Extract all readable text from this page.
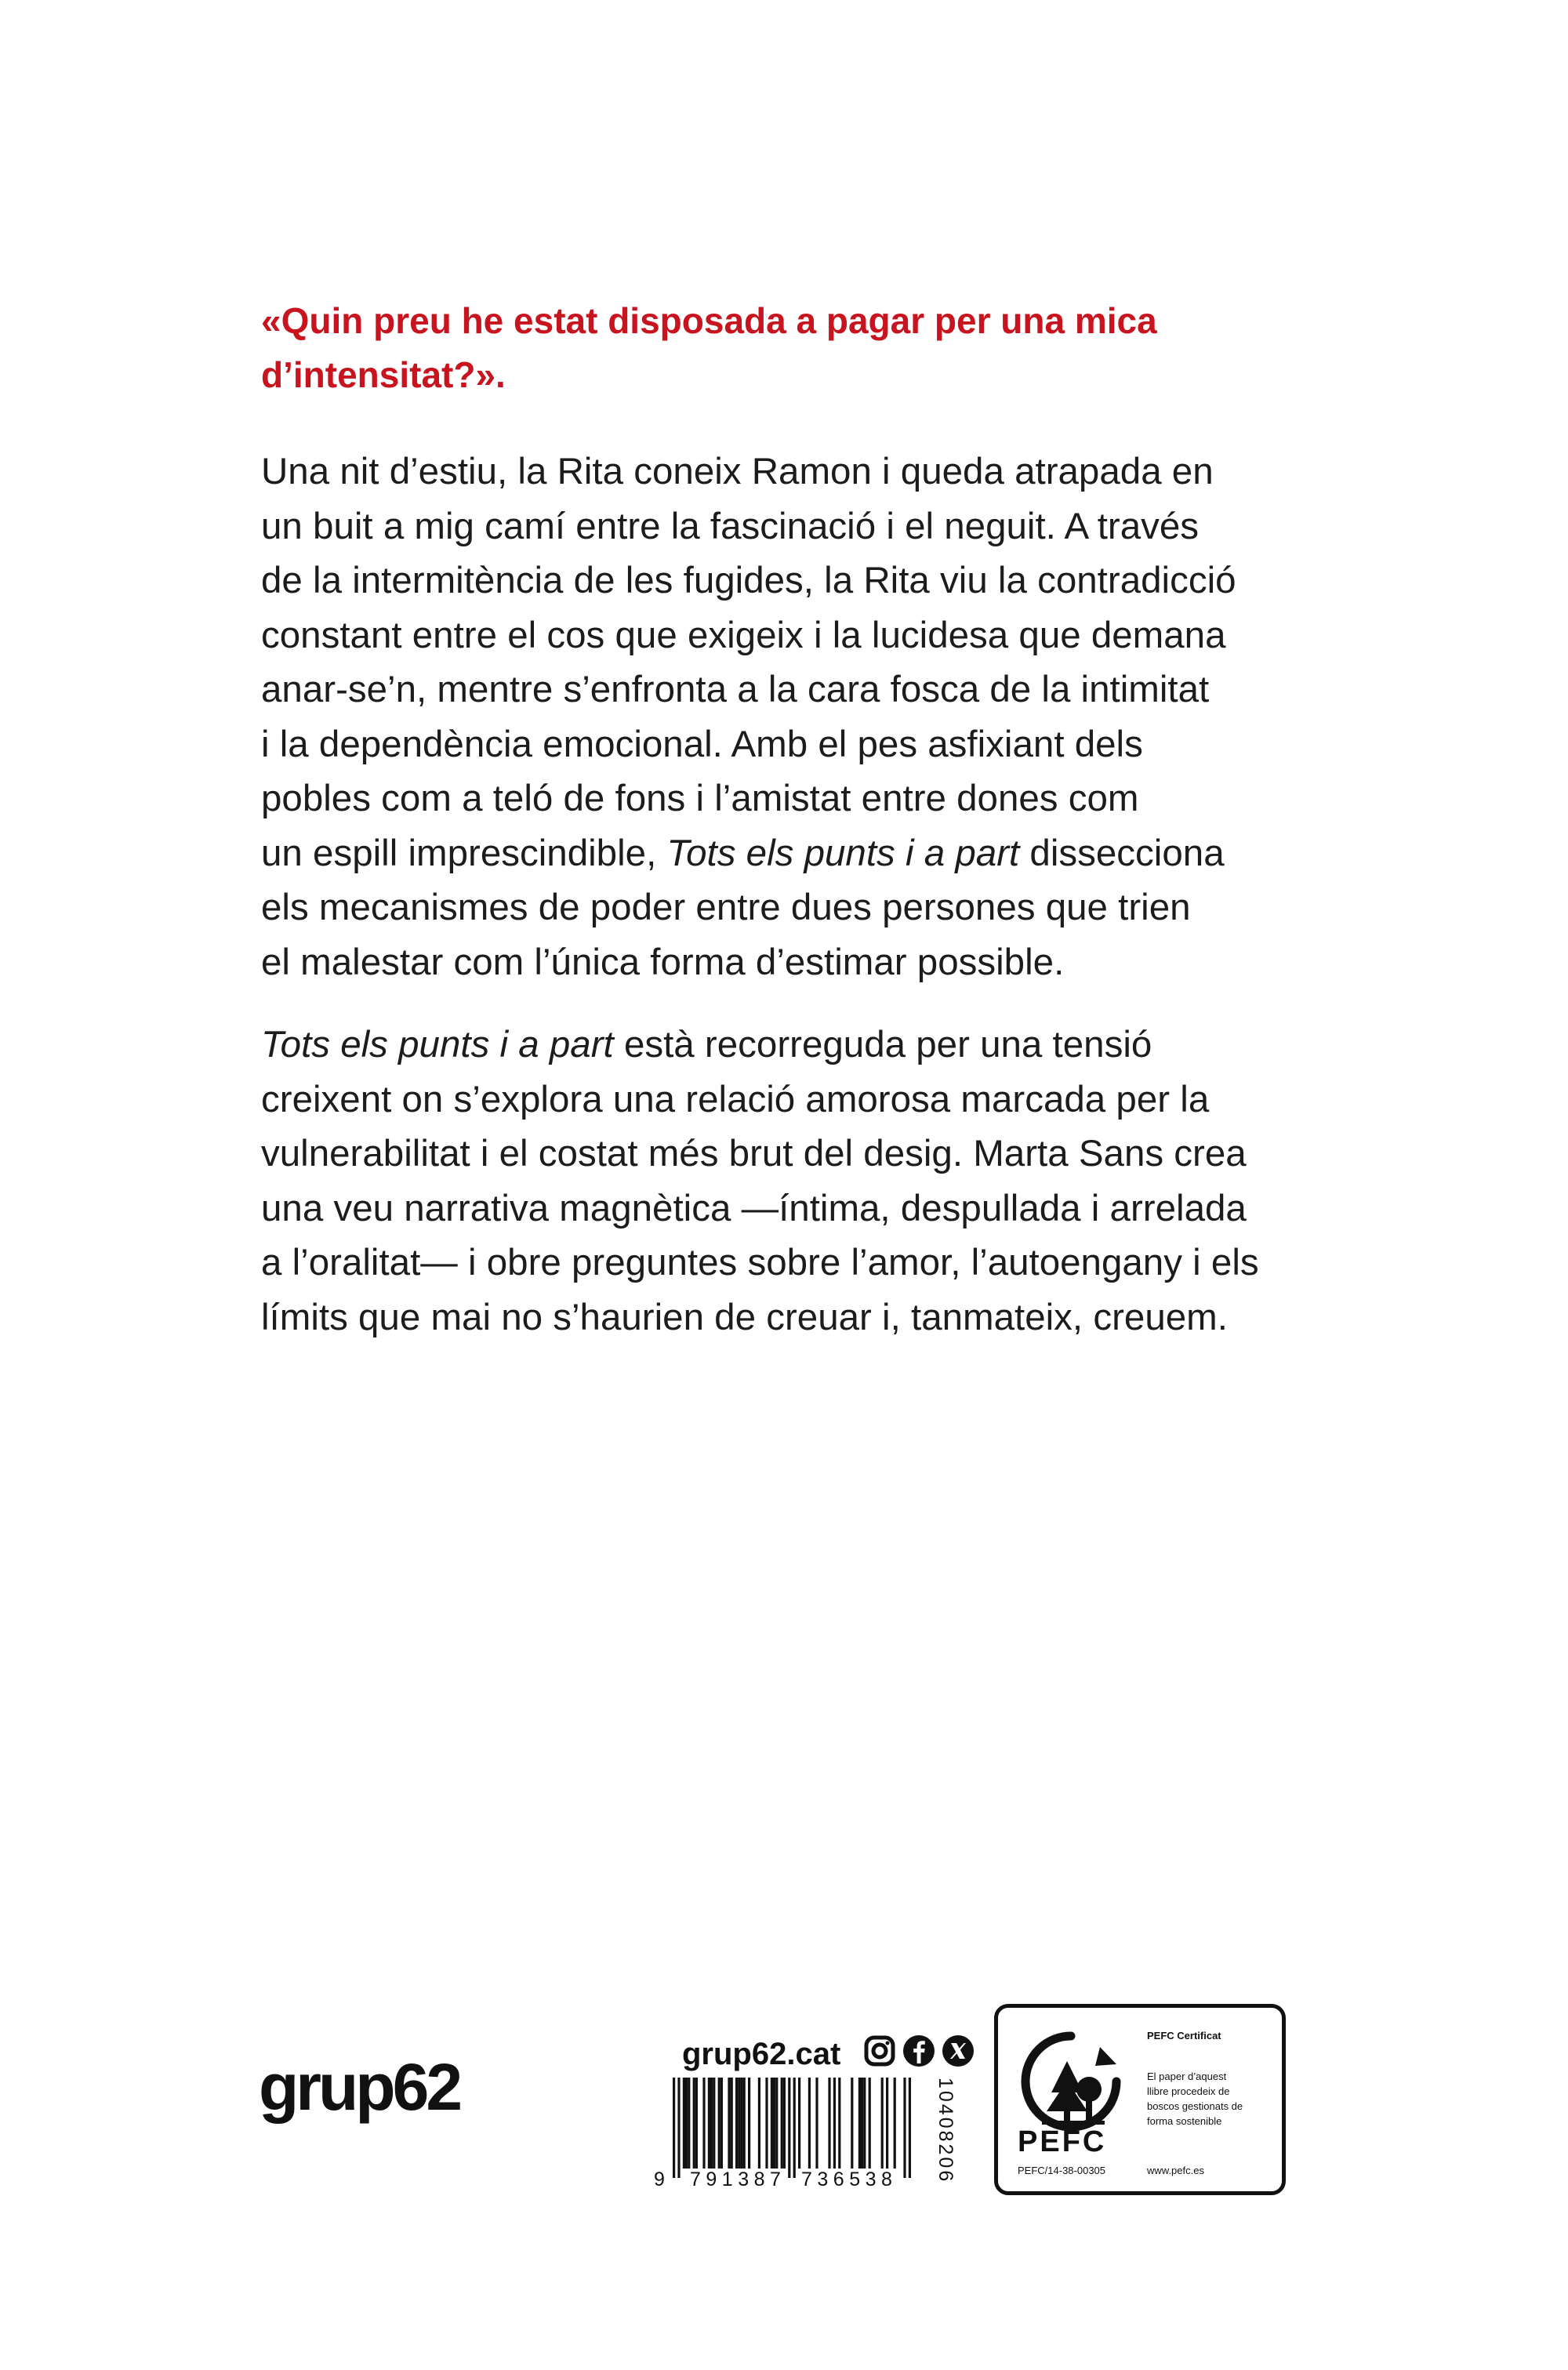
«Quin preu he estat disposada a pagar per una mica
d’intensitat?».

Una nit d’estiu, la Rita coneix Ramon i queda atrapada en
un buit a mig camí entre la fascinació i el neguit. A través
de la intermitència de les fugides, la Rita viu la contradicció
constant entre el cos que exigeix i la lucidesa que demana
anar-se’n, mentre s’enfronta a la cara fosca de la intimitat
i la dependència emocional. Amb el pes asfixiant dels
pobles com a teló de fons i l’amistat entre dones com
un espill imprescindible, Tots els punts i a part dissecciona
els mecanismes de poder entre dues persones que trien
el malestar com l’única forma d’estimar possible.

Tots els punts i a part està recorreguda per una tensió
creixent on s’explora una relació amorosa marcada per la
vulnerabilitat i el costat més brut del desig. Marta Sans crea
una veu narrativa magnètica —íntima, despullada i arrelada
a l’oralitat— i obre preguntes sobre l’amor, l’autoengany i els
límits que mai no s’haurien de creuar i, tanmateix, creuem.

grup62	grup62.cat
9 791387 736538 10408206 PEFC
PEFC/14-38-00305
PEFC Certificat
El paper d’aquest
llibre procedeix de
boscos gestionats de
forma sostenible
www.pefc.es
